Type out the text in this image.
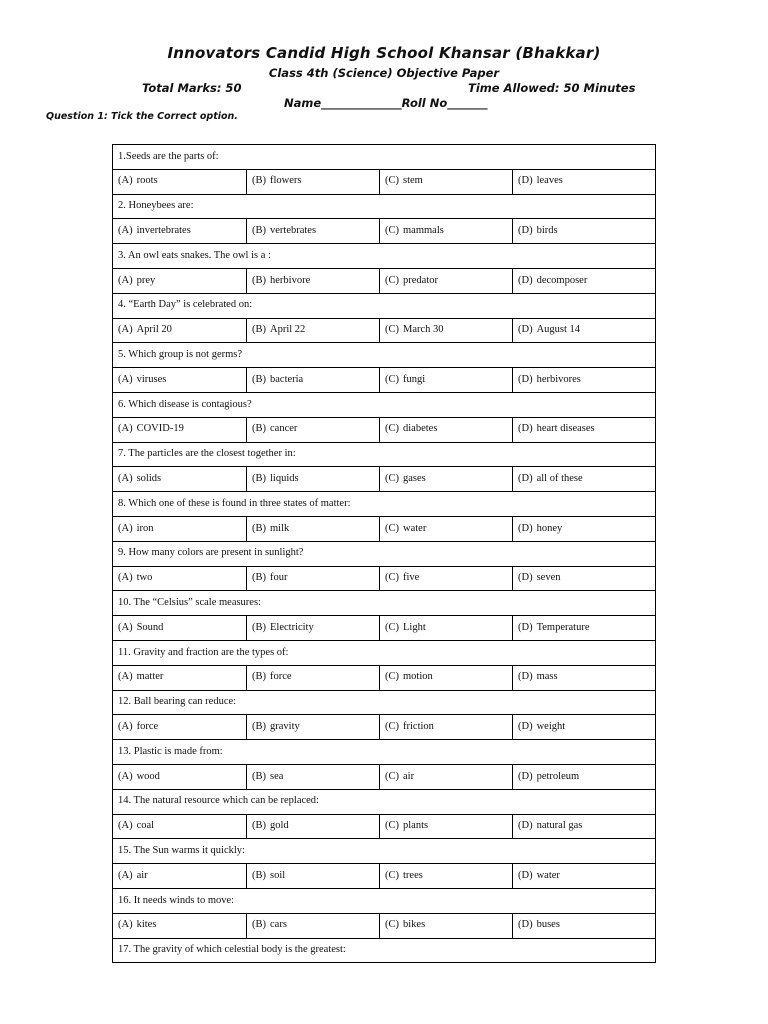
Innovators Candid High School Khansar (Bhakkar)
Class 4th (Science) Objective Paper
Total Marks: 50	Time Allowed: 50 Minutes
Name______________Roll No_______
Question 1: Tick the Correct option.
1.Seeds are the parts of:			
(A) roots	(B) flowers	(C) stem	(D) leaves
2. Honeybees are:			
(A) invertebrates	(B) vertebrates	(C) mammals	(D) birds
3. An owl eats snakes. The owl is a :			
(A) prey	(B) herbivore	(C) predator	(D) decomposer
4. “Earth Day” is celebrated on:			
(A) April 20	(B) April 22	(C) March 30	(D) August 14
5. Which group is not germs?			
(A) viruses	(B) bacteria	(C) fungi	(D) herbivores
6. Which disease is contagious?			
(A) COVID-19	(B) cancer	(C) diabetes	(D) heart diseases
7. The particles are the closest together in:			
(A) solids	(B) liquids	(C) gases	(D) all of these
8. Which one of these is found in three states of matter:			
(A) iron	(B) milk	(C) water	(D) honey
9. How many colors are present in sunlight?			
(A) two	(B) four	(C) five	(D) seven
10. The “Celsius” scale measures:			
(A) Sound	(B) Electricity	(C) Light	(D) Temperature
11. Gravity and fraction are the types of:			
(A) matter	(B) force	(C) motion	(D) mass
12. Ball bearing can reduce:			
(A) force	(B) gravity	(C) friction	(D) weight
13. Plastic is made from:			
(A) wood	(B) sea	(C) air	(D) petroleum
14. The natural resource which can be replaced:			
(A) coal	(B) gold	(C) plants	(D) natural gas
15. The Sun warms it quickly:			
(A) air	(B) soil	(C) trees	(D) water
16. It needs winds to move:			
(A) kites	(B) cars	(C) bikes	(D) buses
17. The gravity of which celestial body is the greatest:			
